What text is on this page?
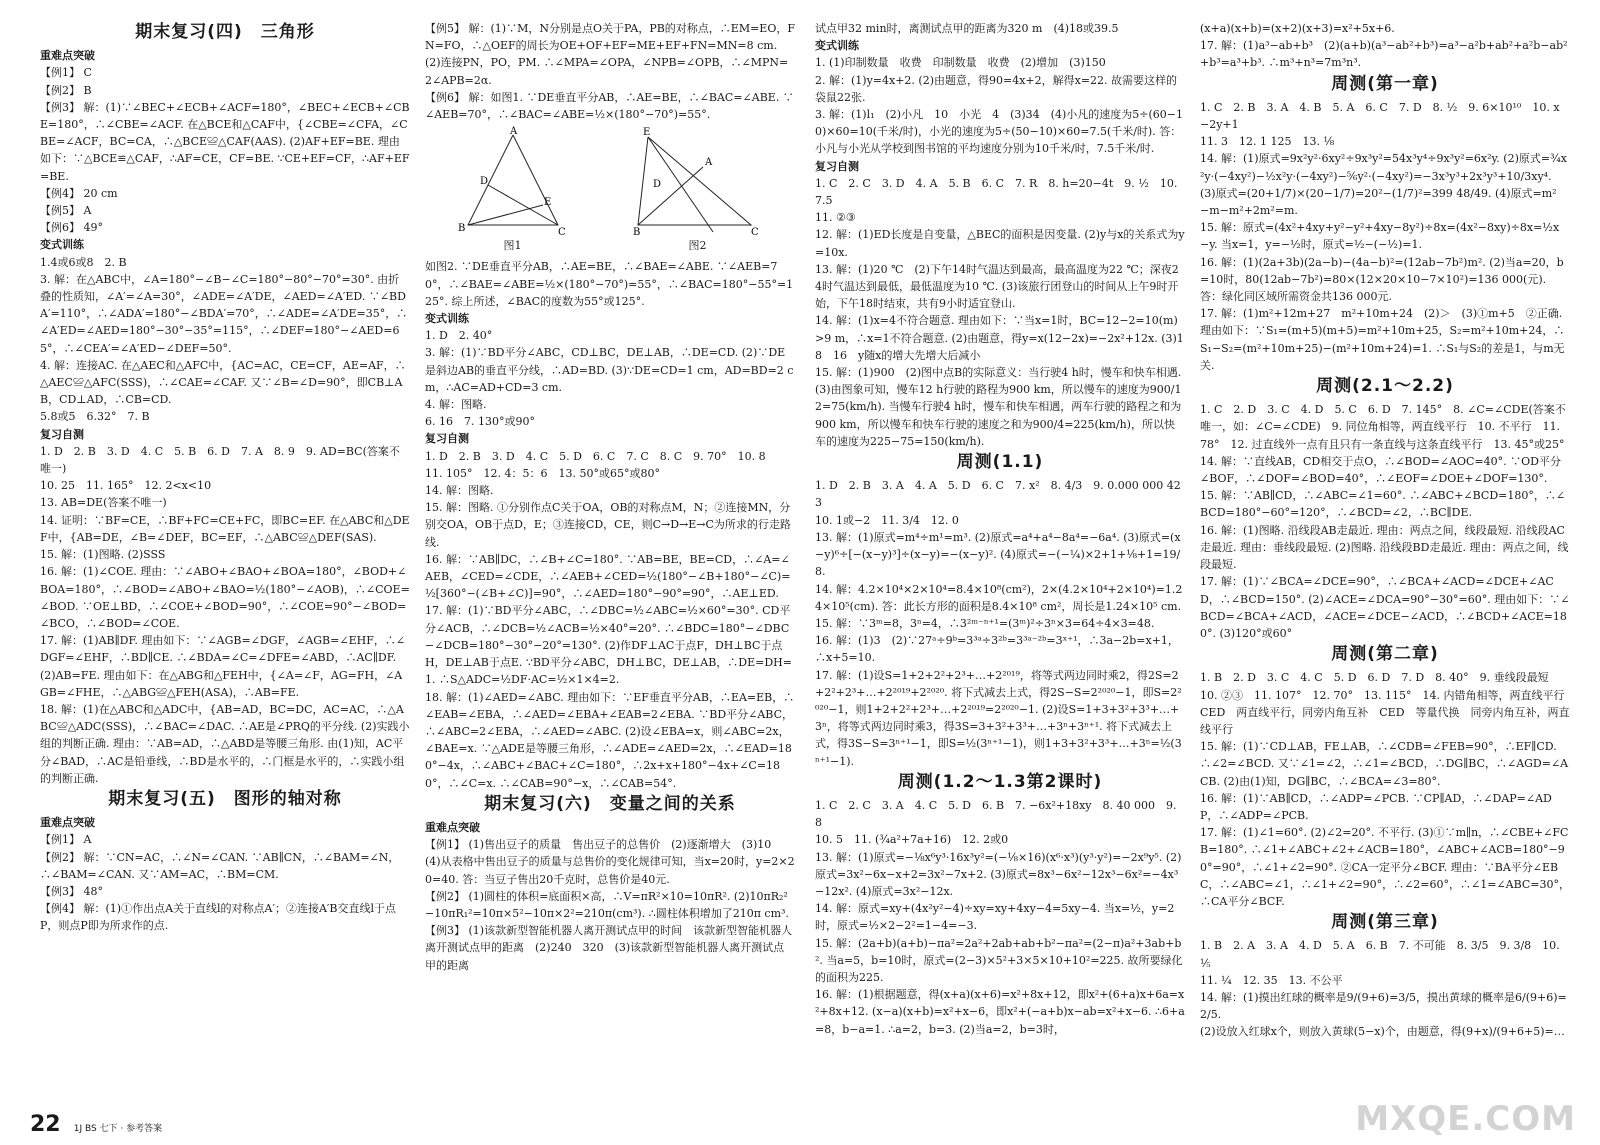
期末复习(四)　三角形
重难点突破
【例1】 C
【例2】 B
【例3】 解：(1)∵∠BEC+∠ECB+∠ACF=180°，∠BEC+∠ECB+∠CBE=180°，∴∠CBE=∠ACF. 在△BCE和△CAF中，{∠CBE=∠CFA，∠CBE=∠ACF，BC=CA，∴△BCE≌△CAF(AAS). (2)AF+EF=BE. 理由如下：∵△BCE≌△CAF，∴AF=CE，CF=BE. ∵CE+EF=CF，∴AF+EF=BE.
【例4】 20 cm
【例5】 A
【例6】 49°
变式训练
1.4或6或8　2. B
3. 解：在△ABC中，∠A=180°−∠B−∠C=180°−80°−70°=30°. 由折叠的性质知，∠A′=∠A=30°，∠ADE=∠A′DE，∠AED=∠A′ED. ∵∠BDA′=110°，∴∠ADA′=180°−∠BDA′=70°，∴∠ADE=∠A′DE=35°，∴∠A′ED=∠AED=180°−30°−35°=115°，∴∠DEF=180°−∠AED=65°，∴∠CEA′=∠A′ED−∠DEF=50°.
4. 解：连接AC. 在△AEC和△AFC中，{AC=AC，CE=CF，AE=AF，∴△AEC≌△AFC(SSS)，∴∠CAE=∠CAF. 又∵∠B=∠D=90°，即CB⊥AB，CD⊥AD，∴CB=CD.
5.8或5　6.32°　7. B
复习自测
1. D　2. B　3. D　4. C　5. B　6. D　7. A　8. 9　9. AD=BC(答案不唯一)
10. 25　11. 165°　12. 2<x<10
13. AB=DE(答案不唯一)
14. 证明：∵BF=CE，∴BF+FC=CE+FC，即BC=EF. 在△ABC和△DEF中，{AB=DE，∠B=∠DEF，BC=EF，∴△ABC≌△DEF(SAS).
15. 解：(1)图略. (2)SSS
16. 解：(1)∠COE. 理由：∵∠ABO+∠BAO+∠BOA=180°，∠BOD+∠BOA=180°，∴∠BOD=∠ABO+∠BAO=½(180°−∠AOB)，∴∠COE=∠BOD. ∵OE⊥BD，∴∠COE+∠BOD=90°，∴∠COE=90°−∠BOD=∠BCO，∴∠BOD=∠COE.
17. 解：(1)AB∥DF. 理由如下：∵∠AGB=∠DGF，∠AGB=∠EHF，∴∠DGF=∠EHF，∴BD∥CE. ∴∠BDA=∠C=∠DFE=∠ABD，∴AC∥DF. (2)AB=FE. 理由如下：在△ABG和△FEH中，{∠A=∠F，AG=FH，∠AGB=∠FHE，∴△ABG≌△FEH(ASA)，∴AB=FE.
18. 解：(1)在△ABC和△ADC中，{AB=AD，BC=DC，AC=AC，∴△ABC≌△ADC(SSS)，∴∠BAC=∠DAC. ∴AE是∠PRQ的平分线. (2)实践小组的判断正确. 理由：∵AB=AD，∴△ABD是等腰三角形. 由(1)知，AC平分∠BAD，∴AC是铅垂线，∴BD是水平的，∴门框是水平的，∴实践小组的判断正确.
期末复习(五)　图形的轴对称
重难点突破
【例1】 A
【例2】 解：∵CN=AC，∴∠N=∠CAN. ∵AB∥CN，∴∠BAM=∠N，∴∠BAM=∠CAN. 又∵AM=AC，∴BM=CM.
【例3】 48°
【例4】 解：(1)①作出点A关于直线l的对称点A′；②连接A′B交直线l于点P，则点P即为所求作的点.
【例5】 解：(1)∵M，N分别是点O关于PA，PB的对称点，∴EM=EO，FN=FO，∴△OEF的周长为OE+OF+EF=ME+EF+FN=MN=8 cm. (2)连接PN，PO，PM. ∴∠MPA=∠OPA，∠NPB=∠OPB，∴∠MPN=2∠APB=2α.
【例6】 解：如图1. ∵DE垂直平分AB，∴AE=BE，∴∠BAC=∠ABE. ∵∠AEB=70°，∴∠BAC=∠ABE=½×(180°−70°)=55°.
A
B	C
D
E
图1
E
A
B	C
D
图2
如图2. ∵DE垂直平分AB，∴AE=BE，∴∠BAE=∠ABE. ∵∠AEB=70°，∴∠BAE=∠ABE=½×(180°−70°)=55°，∴∠BAC=180°−55°=125°. 综上所述，∠BAC的度数为55°或125°.
变式训练
1. D　2. 40°
3. 解：(1)∵BD平分∠ABC，CD⊥BC，DE⊥AB，∴DE=CD. (2)∵DE是斜边AB的垂直平分线，∴AD=BD. (3)∵DE=CD=1 cm，AD=BD=2 cm，∴AC=AD+CD=3 cm.
4. 解：图略.
6. 16　7. 130°或90°
复习自测
1. D　2. B　3. D　4. C　5. D　6. C　7. C　8. C　9. 70°　10. 8
11. 105°　12. 4：5：6　13. 50°或65°或80°
14. 解：图略.
15. 解：图略. ①分别作点C关于OA，OB的对称点M，N；②连接MN，分别交OA，OB于点D，E；③连接CD，CE，则C→D→E→C为所求的行走路线.
16. 解：∵AB∥DC，∴∠B+∠C=180°. ∵AB=BE，BE=CD，∴∠A=∠AEB，∠CED=∠CDE，∴∠AEB+∠CED=½(180°−∠B+180°−∠C)=½[360°−(∠B+∠C)]=90°，∴∠AED=180°−90°=90°，∴AE⊥ED.
17. 解：(1)∵BD平分∠ABC，∴∠DBC=½∠ABC=½×60°=30°. CD平分∠ACB，∴∠DCB=½∠ACB=½×40°=20°. ∴∠BDC=180°−∠DBC−∠DCB=180°−30°−20°=130°. (2)作DF⊥AC于点F，DH⊥BC于点H，DE⊥AB于点E. ∵BD平分∠ABC，DH⊥BC，DE⊥AB，∴DE=DH=1. ∴S△ADC=½DF·AC=½×1×4=2.
18. 解：(1)∠AED=∠ABC. 理由如下：∵EF垂直平分AB，∴EA=EB，∴∠EAB=∠EBA，∴∠AED=∠EBA+∠EAB=2∠EBA. ∵BD平分∠ABC，∴∠ABC=2∠EBA，∴∠AED=∠ABC. (2)设∠EBA=x，则∠ABC=2x，∠BAE=x. ∵△ADE是等腰三角形，∴∠ADE=∠AED=2x，∴∠EAD=180°−4x，∴∠ABC+∠BAC+∠C=180°，∴2x+x+180°−4x+∠C=180°，∴∠C=x. ∴∠CAB=90°−x，∴∠CAB=54°.
期末复习(六)　变量之间的关系
重难点突破
【例1】 (1)售出豆子的质量　售出豆子的总售价　(2)逐渐增大　(3)10　(4)从表格中售出豆子的质量与总售价的变化规律可知，当x=20时，y=2×20=40. 答：当豆子售出20千克时，总售价是40元.
【例2】 (1)圆柱的体积=底面积×高，∴V=πR²×10=10πR². (2)10πR₂²−10πR₁²=10π×5²−10π×2²=210π(cm³). ∴圆柱体积增加了210π cm³.
【例3】 (1)该款新型智能机器人离开测试点甲的时间　该款新型智能机器人离开测试点甲的距离　(2)240　320　(3)该款新型智能机器人离开测试点甲的距离
试点甲32 min时，离测试点甲的距离为320 m　(4)18或39.5
变式训练
1. (1)印制数量　收费　印制数量　收费　(2)增加　(3)150
2. 解：(1)y=4x+2. (2)由题意，得90=4x+2，解得x=22. 故需要这样的袋鼠22张.
3. 解：(1)l₁　(2)小凡　10　小光　4　(3)34　(4)小凡的速度为5÷(60−10)×60=10(千米/时)，小光的速度为5÷(50−10)×60=7.5(千米/时). 答：小凡与小光从学校到图书馆的平均速度分别为10千米/时，7.5千米/时.
复习自测
1. C　2. C　3. D　4. A　5. B　6. C　7. R　8. h=20−4t　9. ½　10. 7.5
11. ②③
12. 解：(1)ED长度是自变量，△BEC的面积是因变量. (2)y与x的关系式为y=10x.
13. 解：(1)20 ℃　(2)下午14时气温达到最高，最高温度为22 ℃；深夜24时气温达到最低，最低温度为10 ℃. (3)该旅行团登山的时间从上午9时开始，下午18时结束，共有9小时适宜登山.
14. 解：(1)x=4不符合题意. 理由如下：∵当x=1时，BC=12−2=10(m)>9 m，∴x=1不符合题意. (2)由题意，得y=x(12−2x)=−2x²+12x. (3)18　16　y随x的增大先增大后减小
15. 解：(1)900　(2)图中点B的实际意义：当行驶4 h时，慢车和快车相遇. (3)由图象可知，慢车12 h行驶的路程为900 km，所以慢车的速度为900/12=75(km/h). 当慢车行驶4 h时，慢车和快车相遇，两车行驶的路程之和为900 km，所以慢车和快车行驶的速度之和为900/4=225(km/h)，所以快车的速度为225−75=150(km/h).
周测(1.1)
1. D　2. B　3. A　4. A　5. D　6. C　7. x²　8. 4/3　9. 0.000 000 423
10. 1或−2　11. 3/4　12. 0
13. 解：(1)原式=m⁴÷m¹=m³. (2)原式=a⁴+a⁴−8a⁴=−6a⁴. (3)原式=(x−y)⁶÷[−(x−y)³]÷(x−y)=−(x−y)². (4)原式=−(−¼)×2+1+⅛+1=19/8.
14. 解：4.2×10⁴×2×10⁴=8.4×10⁸(cm²)，2×(4.2×10⁴+2×10⁴)=1.24×10⁵(cm). 答：此长方形的面积是8.4×10⁸ cm²，周长是1.24×10⁵ cm.
15. 解：∵3ᵐ=8，3ⁿ=4，∴3²ᵐ⁻ⁿ⁺¹=(3ᵐ)²÷3ⁿ×3=64÷4×3=48.
16. 解：(1)3　(2)∵27ᵃ÷9ᵇ=3³ᵃ÷3²ᵇ=3³ᵃ⁻²ᵇ=3ˣ⁺¹，∴3a−2b=x+1，∴x+5=10.
17. 解：(1)设S=1+2+2²+2³+…+2²⁰¹⁹，将等式两边同时乘2，得2S=2+2²+2³+…+2²⁰¹⁹+2²⁰²⁰. 将下式减去上式，得2S−S=2²⁰²⁰−1，即S=2²⁰²⁰−1，则1+2+2²+2³+…+2²⁰¹⁹=2²⁰²⁰−1. (2)设S=1+3+3²+3³+…+3ⁿ，将等式两边同时乘3，得3S=3+3²+3³+…+3ⁿ+3ⁿ⁺¹. 将下式减去上式，得3S−S=3ⁿ⁺¹−1，即S=½(3ⁿ⁺¹−1)，则1+3+3²+3³+…+3ⁿ=½(3ⁿ⁺¹−1).
周测(1.2～1.3第2课时)
1. C　2. C　3. A　4. C　5. D　6. B　7. −6x²+18xy　8. 40 000　9. 8
10. 5　11. (¾a²+7a+16)　12. 2或0
13. 解：(1)原式=−⅛x⁶y³·16x³y²=(−⅛×16)(x⁶·x³)(y³·y²)=−2x⁹y⁵. (2)原式=3x²−6x−x+2=3x²−7x+2. (3)原式=8x³−6x²−12x³−6x²=−4x³−12x². (4)原式=3x²−12x.
14. 解：原式=xy+(4x²y²−4)÷xy=xy+4xy−4=5xy−4. 当x=½，y=2时，原式=½×2−2²=1−4=−3.
15. 解：(2a+b)(a+b)−πa²=2a²+2ab+ab+b²−πa²=(2−π)a²+3ab+b². 当a=5，b=10时，原式=(2−3)×5²+3×5×10+10²=225. 故所要绿化的面积为225.
16. 解：(1)根据题意，得(x+a)(x+6)=x²+8x+12，即x²+(6+a)x+6a=x²+8x+12. (x−a)(x+b)=x²+x−6，即x²+(−a+b)x−ab=x²+x−6. ∴6+a=8，b−a=1. ∴a=2，b=3. (2)当a=2，b=3时，
(x+a)(x+b)=(x+2)(x+3)=x²+5x+6.
17. 解：(1)a³−ab+b³　(2)(a+b)(a³−ab²+b³)=a³−a²b+ab²+a²b−ab²+b³=a³+b³. ∴m³+n³=7m³n³.
周测(第一章)
1. C　2. B　3. A　4. B　5. A　6. C　7. D　8. ½　9. 6×10¹⁰　10. x−2y+1
11. 3　12. 1 125　13. ⅛
14. 解：(1)原式=9x²y²·6xy²÷9x³y²=54x³y⁴÷9x³y²=6x²y. (2)原式=¾x²y·(−4xy²)−½x²y·(−4xy²)−⅚y²·(−4xy²)=−3x³y³+2x³y³+10/3xy⁴. (3)原式=(20+1/7)×(20−1/7)=20²−(1/7)²=399 48/49. (4)原式=m²−m−m²+2m²=m.
15. 解：原式=(4x²+4xy+y²−y²+4xy−8y²)÷8x=(4x²−8xy)÷8x=½x−y. 当x=1，y=−½时，原式=½−(−½)=1.
16. 解：(1)(2a+3b)(2a−b)−(4a−b)²=(12ab−7b²)m². (2)当a=20，b=10时，80(12ab−7b²)=80×(12×20×10−7×10²)=136 000(元). 答：绿化同区域所需资金共136 000元.
17. 解：(1)m²+12m+27　m²+10m+24　(2)＞　(3)①m+5　②正确. 理由如下：∵S₁=(m+5)(m+5)=m²+10m+25，S₂=m²+10m+24，∴S₁−S₂=(m²+10m+25)−(m²+10m+24)=1. ∴S₁与S₂的差是1，与m无关.
周测(2.1～2.2)
1. C　2. D　3. C　4. D　5. C　6. D　7. 145°　8. ∠C=∠CDE(答案不唯一，如：∠C=∠CDE)　9. 同位角相等，两直线平行　10. 不平行　11. 78°　12. 过直线外一点有且只有一条直线与这条直线平行　13. 45°或25°
14. 解：∵直线AB，CD相交于点O，∴∠BOD=∠AOC=40°. ∵OD平分∠BOF，∴∠DOF=∠BOD=40°，∴∠EOF=∠DOE+∠DOF=130°.
15. 解：∵AB∥CD，∴∠ABC=∠1=60°. ∴∠ABC+∠BCD=180°，∴∠BCD=180°−60°=120°，∴∠BCD=∠2，∴BC∥DE.
16. 解：(1)图略. 沿线段AB走最近. 理由：两点之间，线段最短. 沿线段AC走最近. 理由：垂线段最短. (2)图略. 沿线段BD走最近. 理由：两点之间，线段最短.
17. 解：(1)∵∠BCA=∠DCE=90°，∴∠BCA+∠ACD=∠DCE+∠ACD，∴∠BCD=150°. (2)∠ACE=∠DCA=90°−30°=60°. 理由如下：∵∠BCD=∠BCA+∠ACD，∠ACE=∠DCE−∠ACD，∴∠BCD+∠ACE=180°. (3)120°或60°
周测(第二章)
1. B　2. D　3. C　4. C　5. D　6. D　7. D　8. 40°　9. 垂线段最短
10. ②③　11. 107°　12. 70°　13. 115°　14. 内错角相等，两直线平行　CED　两直线平行，同旁内角互补　CED　等量代换　同旁内角互补，两直线平行
15. 解：(1)∵CD⊥AB，FE⊥AB，∴∠CDB=∠FEB=90°，∴EF∥CD. ∴∠2=∠BCD. 又∵∠1=∠2，∴∠1=∠BCD，∴DG∥BC，∴∠AGD=∠ACB. (2)由(1)知，DG∥BC，∴∠BCA=∠3=80°.
16. 解：(1)∵AB∥CD，∴∠ADP=∠PCB. ∵CP∥AD，∴∠DAP=∠ADP，∴∠ADP=∠PCB.
17. 解：(1)∠1=60°. (2)∠2=20°. 不平行. (3)①∵m∥n，∴∠CBE+∠FCB=180°. ∴∠1+∠ABC+∠2+∠ACB=180°，∠ABC+∠ACB=180°−90°=90°，∴∠1+∠2=90°. ②CA一定平分∠BCF. 理由：∵BA平分∠EBC，∴∠ABC=∠1，∴∠1+∠2=90°，∴∠2=60°，∴∠1=∠ABC=30°，∴CA平分∠BCF.
周测(第三章)
1. B　2. A　3. A　4. D　5. A　6. B　7. 不可能　8. 3/5　9. 3/8　10. ⅕
11. ¼　12. 35　13. 不公平
14. 解：(1)摸出红球的概率是9/(9+6)=3/5，摸出黄球的概率是6/(9+6)=2/5.
(2)设放入红球x个，则放入黄球(5−x)个，由题意，得(9+x)/(9+6+5)=…
22 1J BS 七下 · 参考答案	MXQE.COM
